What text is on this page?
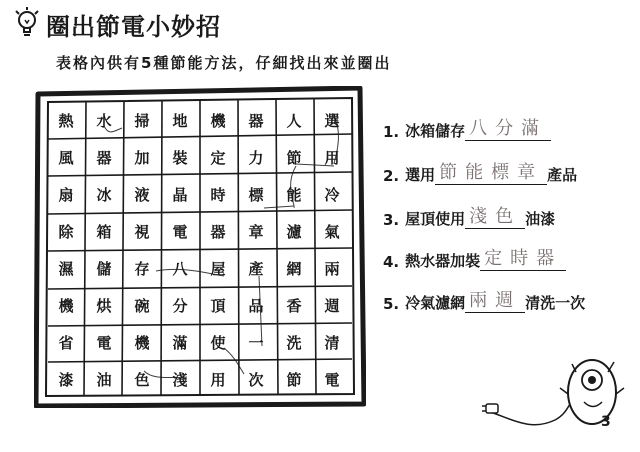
圈出節電小妙招
表格內供有5種節能方法，仔細找出來並圈出
熱	水	掃	地	機	器	人	選
風	器	加	裝	定	力	節	用
扇	冰	液	晶	時	標	能	冷
除	箱	視	電	器	章	濾	氣
濕	儲	存	八	屋	產	網	兩
機	烘	碗	分	頂	品	香	週
省	電	機	滿	使	一	洗	清
漆	油	色	淺	用	次	節	電
1. 冰箱儲存 八分滿
2. 選用 節能標章 產品
3. 屋頂使用 淺色 油漆
4. 熱水器加裝 定時器
5. 冷氣濾網 兩週 清洗一次
3
